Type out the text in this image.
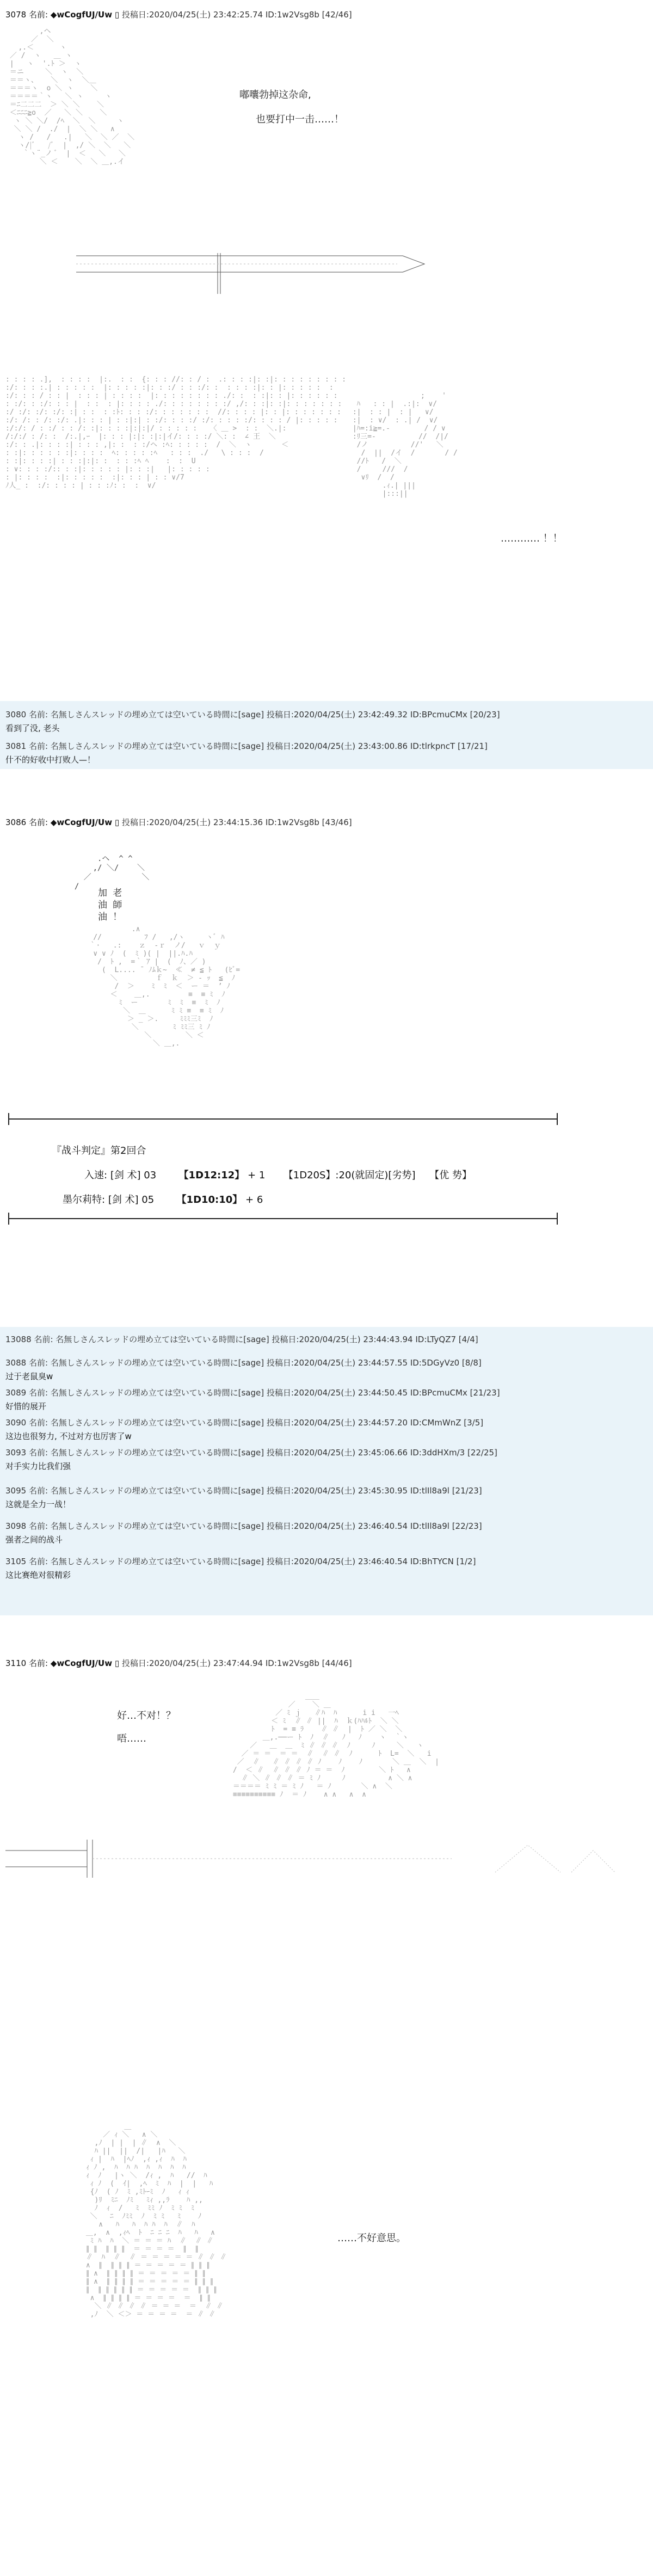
3078 名前: ◆wCogfUJ/Uw ▯ 投稿日:2020/04/25(土) 23:42:25.74 ID:1w2Vsg8b [42/46]
,ヘ
／  ＼
,.＜      ヽ
／ /  ヽ   ＿ ヽ
|   ヽ  '.ﾄ ＞  ヽ
＝ニ     ＼  ヽ  ＼
＝＝ヽ、   ＼  ヽ  ＼＿
＝＝＝ヽ  o ＼ ヽ    ＼
＝＝＝＝｀ヽ   ＼ ヽ     ヽ
＝ﾆ二二二  ＞ ＼ ＼    ＼
＜ﾆﾆﾆ≧o  ／   ＼ ＼    ＼
ヽ ＼ ＼/  /ﾍ  ＼  ＼     ヽ
＼ ＼ /  ./  |  ＼ ＼   ∧
ヽ /   /   .|   ＼  ＼ ／  ＼
ヽ/|ﾞ   /ﾞ  |  ,/ ＼  ＼   ＼
｀ヽ¨_ノ ﾞ  |  ＜   ＼   ＼
＼ ＜    ＼  ＼ ＿,.イ
嘟囔勃掉这杂命,
也要打中一击……！
: : : : .],  : : : :  |:.  : :  {: : : //: : / :  .: : : :|: :|: : : : : : : : :
:/: : : :.| : : : : :  |: : : : :|: : :/ : : :/: :  : : : :|: : |: : : : :  :
:/: : : / : : |  : : : | : : : :  |: : : : : : : : ./: :  : :|: : |: : : : : :
: :/: : :/: : : |  : :  : |: : : : ./: : : : : : : :/ ,/: : :|: :|: : : : : : :
:/ :/: :/: :/: :| : :  : :ﾄ: : : :/: : : : : : :  //: : : : |: : |: : : : : : :
:/: /: : /: :/: .|: : : | : :|:| : :/: : : :/ :/: : : : :/: : : : / |: : : : :
:/:/: / : :/ : : /: :|: : : :|:|:|/ : : : : :   〈 ＿ >  : :  ＼.|:
/:/:/ : /: :  /:.|,ｰ  |: : : |:|: :|:|イ/: : : :/ ＼: :  ∠ 王  ＼
:/: : .|: : : :| : : : ,|: :  : :/ヘ :ﾍ: : : : :  /  ＼  ヽ       ＜
: :|: : : : : :|: : : :  ﾍ: : : : :ﾍ   : : :  ./   \ : : :  /
: :|: : : :| : : :|:|: :  : : :ﾍ ﾍ    :  :  U
: ∨: : : :/:: : :|: : : : : |: : :|   |: : : : :
: |: : : :  :|: : : : :  :|: : : | : : ∨/7
ﾉ人_ :  :/: : : : | : : :ﾉ: :  :  ∨/
;    '
ﾊ   : : |  .:|:  ∨/
:|  : : |  : |   ∨/
:|  : ∨/  : .| /  ∨/
|ﾊ=:i≧=.-        / / ∨
:ﾘ三=-          //  /|/
/ノ          //'   ＼
/  ||  /イ  /       / /
//ﾄ   /  ＼
/     ///  /
∨ﾘ  /  /
.ｨ.| |||
|:::||
………… ！！
3080 名前: 名無しさんスレッドの埋め立ては空いている時間に[sage] 投稿日:2020/04/25(土) 23:42:49.32 ID:BPcmuCMx [20/23]
看到了没, 老头
3081 名前: 名無しさんスレッドの埋め立ては空いている時間に[sage] 投稿日:2020/04/25(土) 23:43:00.86 ID:tlrkpncT [17/21]
什不的好收中打败人—！
3086 名前: ◆wCogfUJ/Uw ▯ 投稿日:2020/04/25(土) 23:44:15.36 ID:1w2Vsg8b [43/46]
.ヘ  ^ ^
,/ ＼/    ＼
／           ＼
/
加 老
油 師
油 ！
.∧
//          ﾌ /   ,/ヽ     ヽﾞ ﾊ
｀·   .:    ｚ  ‐ｒ  ノ/   ｖ  ｙ
∨ ∨ ﾉ  (  ﾐ )( |  ||.ﾊ.ﾊ
/  ﾄ ,  =｀ ｱ |  (  ﾉ、／ )
(  L.... ̄  ﾉﾑｋ~  ≪  ≠ ≦ ﾄ   (ﾋﾞ=
＼         ｆ  ｋ  ＞ ‐ ｯ  ≦  ﾉ
/  ＞    ﾐ  ﾐ  ＜  ー ＝  ’ ﾉ
＜    ＿,.         ≡  ≡ ﾐ  ﾉ
ﾐ  ー       ﾐ  ﾐ  ≡  ﾐ  ﾉ
＼  ＿      ﾐ ﾐ ≡  ≡ ﾐ  ﾉ
＞ _ ＞.     ﾐﾐﾐ三ﾐ  ﾉ
＼        ﾐ ﾐﾐ三 ﾐ ﾉ
＼        ＼ ＜
＼ ＿,.
『战斗判定』第2回合
入速: [剑 术] 03 【1D12:12】 + 1 【1D20S】:20(就固定)[劣势] 【优 势】
墨尔莉特: [剑 术] 05 【1D10:10】 + 6
13088 名前: 名無しさんスレッドの埋め立ては空いている時間に[sage] 投稿日:2020/04/25(土) 23:44:43.94 ID:LTyQZ7 [4/4]
3088 名前: 名無しさんスレッドの埋め立ては空いている時間に[sage] 投稿日:2020/04/25(土) 23:44:57.55 ID:5DGyVz0 [8/8]
过于老鼠臭w
3089 名前: 名無しさんスレッドの埋め立ては空いている時間に[sage] 投稿日:2020/04/25(土) 23:44:50.45 ID:BPcmuCMx [21/23]
好惜的展开
3090 名前: 名無しさんスレッドの埋め立ては空いている時間に[sage] 投稿日:2020/04/25(土) 23:44:57.20 ID:CMmWnZ [3/5]
这边也很努力, 不过对方也厉害了w
3093 名前: 名無しさんスレッドの埋め立ては空いている時間に[sage] 投稿日:2020/04/25(土) 23:45:06.66 ID:3ddHXm/3 [22/25]
对手实力比我们强
3095 名前: 名無しさんスレッドの埋め立ては空いている時間に[sage] 投稿日:2020/04/25(土) 23:45:30.95 ID:tlIl8a9l [21/23]
这就是全力一战！
3098 名前: 名無しさんスレッドの埋め立ては空いている時間に[sage] 投稿日:2020/04/25(土) 23:46:40.54 ID:tlIl8a9l [22/23]
强者之间的战斗
3105 名前: 名無しさんスレッドの埋め立ては空いている時間に[sage] 投稿日:2020/04/25(土) 23:46:40.54 ID:BhTYCN [1/2]
这比赛绝对很精彩
3110 名前: ◆wCogfUJ/Uw ▯ 投稿日:2020/04/25(土) 23:47:44.94 ID:1w2Vsg8b [44/46]
好…不对！？
唔……
＿＿
／    ＼ ＿
／ ﾐ ｊ   ∥ﾊ  ﾊ      i i   一ﾍ
＜ ﾐ  ∥ ∥ ||  ﾊ  ｋ(ﾊﾊﾙﾄ  ＼ ＼
ﾄ  = ≡ ﾗ    ∥ ∥  |  ﾄ ／ ＼  ＼
＿,.──ー ﾄ  ﾉ  ∥   ﾉ   ﾉ    ヽ  ｀ヽ
／   ＿  ＿  ﾐ ∥ ∥ ∥  ﾉ     ﾉ     ＼   ヽ
／ ＝ ＝  ＝ ＝  ∥  ∥ ∥  ﾉ      ﾄ  L=  ＼   i
／  ∥   ∥ ∥ ∥ ∥ ﾉ    ﾉ    ﾉ       ＼ ＿  ＼  |
/  ＜ ∥  ∥ ∥ ∥ ﾉ ＝ ＝  ﾉ        ＼ ﾄ   ∧
∥ ＼ ∥ ∥ ∥ ＝ ﾐ ﾉ     ﾉ          ∧ ＼ ∧
＝＝＝＝ ﾐ ﾐ ＝ ﾐ ﾉ   ＝ ﾉ       ＼ ∧  ＼
≡≡≡≡≡≡≡≡≡≡ ﾉ  ＝ ﾉ    ∧ ∧   ∧  ∧
＿
／ ｨ ＼   ∧ ＼
,ﾉ  | |  | ∥  ∧  ＼
ﾊ ||  ||  /|   |ﾊ   ＼
ｨ |  ﾊ  |ﾍﾉ  ,ｨ ,ｨ  ﾊ  ﾊ
ｨ ﾉ ,  ﾊ  ﾊ ﾊ  ﾊ  ﾊ  ﾊ  ﾊ
ｨ  ﾉ   |ヽ ＼  /ｨ ,  ﾊ   //  ﾊ
ｨ ﾉ  (  ｲ|  ,ﾍ  ﾐ  ﾊ  |  |   ﾊ
{ﾉ  ( ﾉ  ﾐ ,ﾐﾄｰﾐ  ﾉ   ｨ ｨ
)ﾘ  ﾐﾆ  ﾉﾐ   ﾐｨ ,,ﾗ    ﾊ ,,
ﾉ  ｨ  /   ﾐ  ﾐﾐ ﾉ  ﾐ ﾐ  ﾐ
＼   ﾆ  ﾉﾐﾐ  ﾉ  ﾐ ﾐ   ﾐ    ﾉ
∧   ﾊ   ﾊ  ﾊ ﾊ  ﾊ  ∥  ﾊ
＿,  ∧  ,ｨﾍ  ﾄ  ﾆ ﾆ ﾆ  ﾊ   ﾊ   ∧
ﾐ ﾊ  ﾊ  ＼ ＝ ＝ ＝ ﾊ  ∥  ∥ ∥
∥ ∥  ∥ ∥ ∥  ＝ ＝ ＝ ＝  ∥  ∥
∥  ﾊ  ∥  ∥ ＝ ＝ ＝ ＝ ＝ ∥ ∥ ∥
∧  ∥  ∥ ∥ ∥ ＝ ＝ ＝ ＝ ＝ ∥ ∥ ∥
∥ ∧  ∥ ∥ ∥ ∥ ＝ ＝ ＝ ＝ ＝ ∥ ∥
∥ ∧  ∥ ∥ ∥ ∥ ＝ ＝ ＝ ＝ ＝ ∥ ∥ ∥
∥  ∥ ∥ ∥ ∥ ∥ ＝ ＝ ＝ ＝ ＝  ∥ ∥ ∥
∧  ∥ ∥ ∥ ∥ ＝ ＝ ＝ ＝  ＝  ∥ ∥
＼ ∥ ∥ ∥ ∥ ＝ ＝ ＝  ＝  ∥ ∥
,ﾉ  ＼ ＜＞ ＝ ＝ ＝ ＝  ＝ ∥ ∥
……不好意思。
